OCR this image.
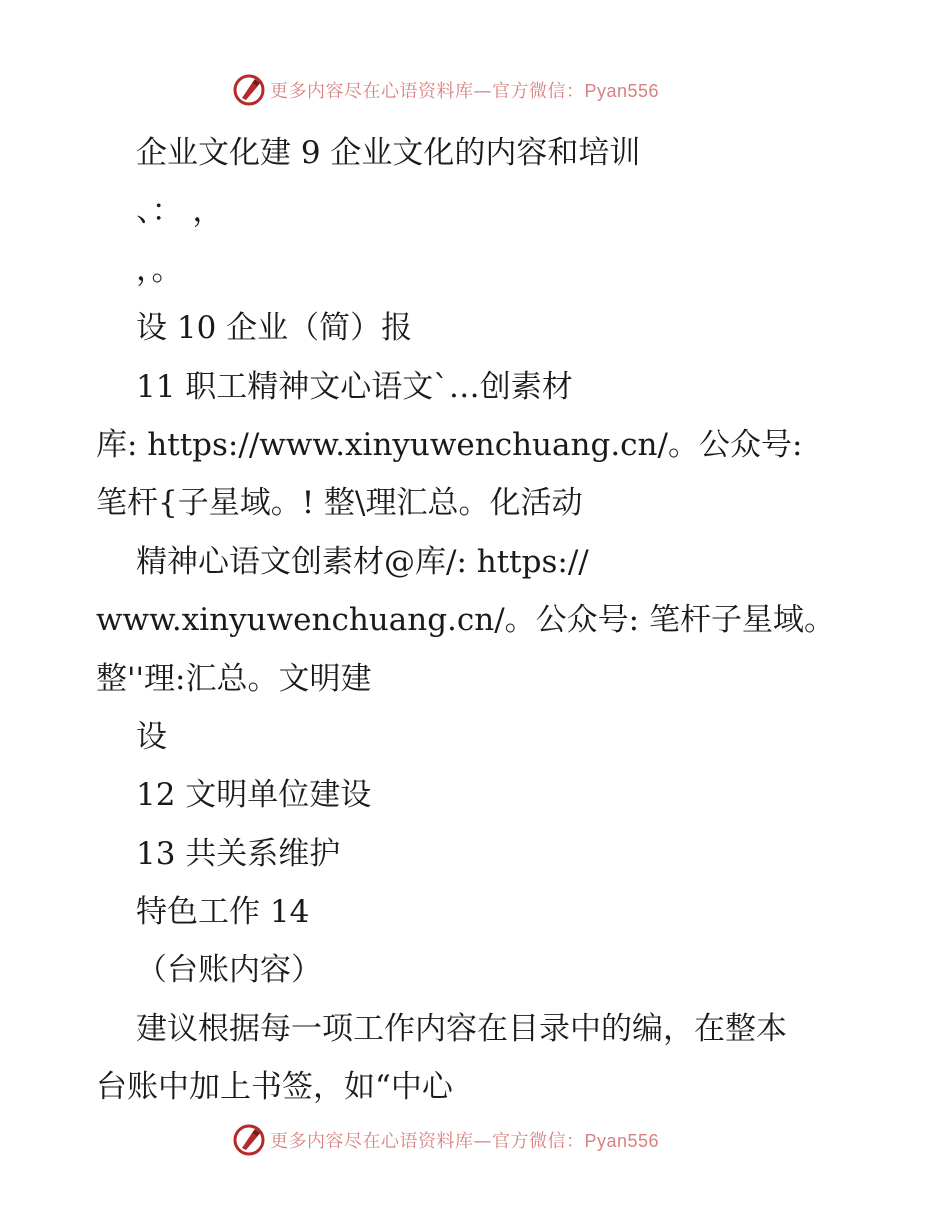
更多内容尽在心语资料库—官方微信：Pyan556
企业文化建 9 企业文化的内容和培训
、： ，
，。
设 10 企业（简）报
11 职工精神文心语文`…创素材
库: https://www.xinyuwenchuang.cn/。公众号:
笔杆{子星域。! 整\理汇总。化活动
精神心语文创素材@库/: https://
www.xinyuwenchuang.cn/。公众号: 笔杆子星域。
整''理:汇总。文明建
设
12 文明单位建设
13 共关系维护
特色工作 14
（台账内容）
建议根据每一项工作内容在目录中的编，在整本
台账中加上书签，如“中心
更多内容尽在心语资料库—官方微信：Pyan556
